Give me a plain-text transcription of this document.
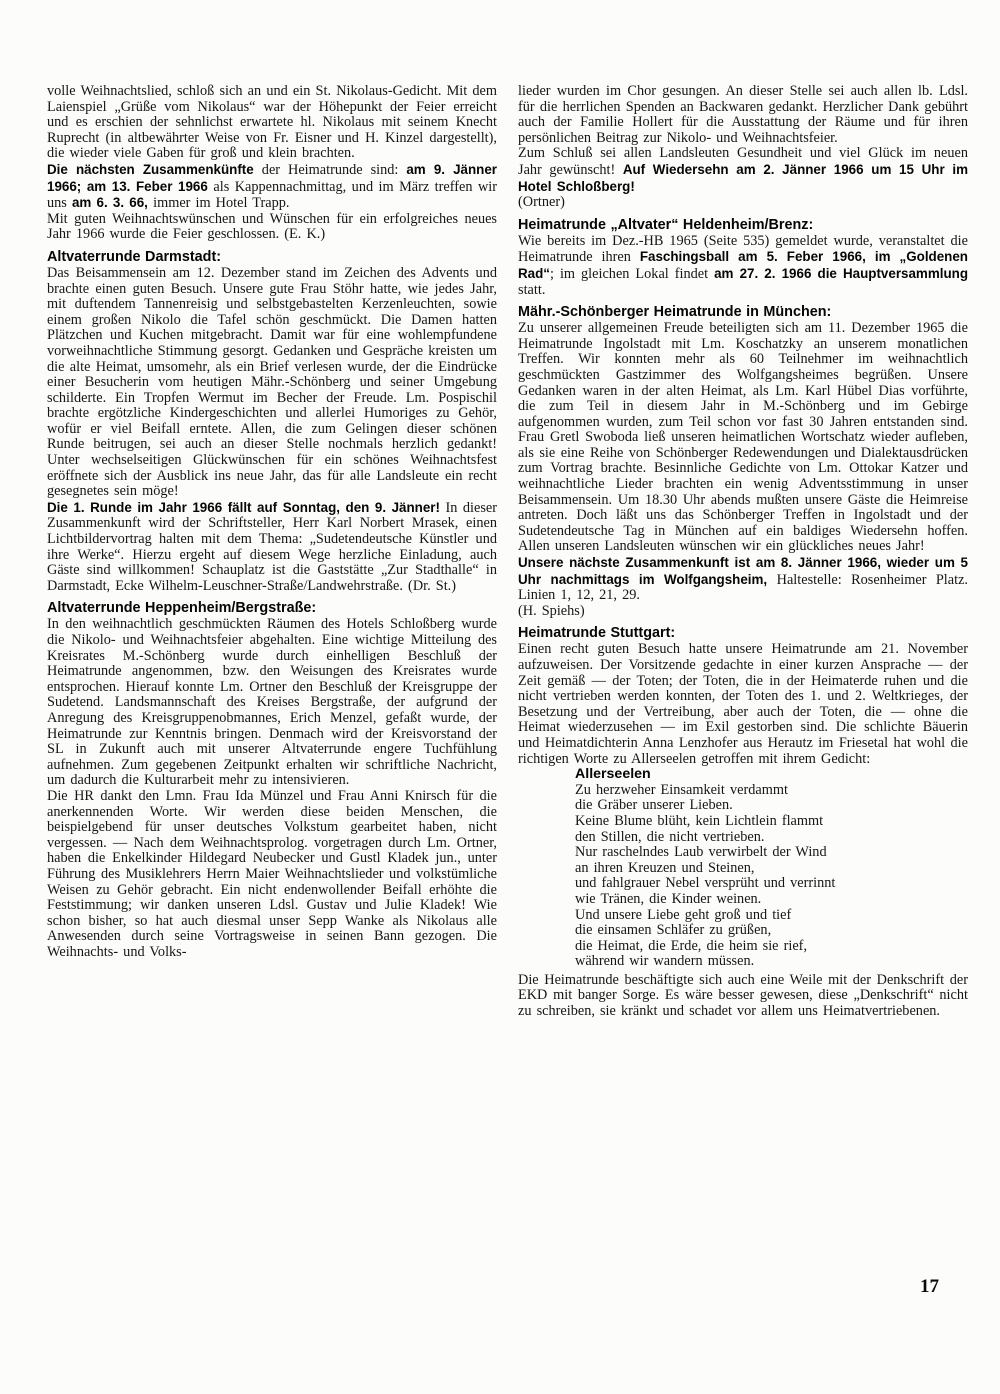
volle Weihnachtslied, schloß sich an und ein St. Nikolaus-Gedicht. Mit dem Laienspiel „Grüße vom Nikolaus“ war der Höhepunkt der Feier erreicht und es erschien der sehnlichst erwartete hl. Nikolaus mit seinem Knecht Ruprecht (in altbewährter Weise von Fr. Eisner und H. Kinzel dargestellt), die wieder viele Gaben für groß und klein brachten.

Die nächsten Zusammenkünfte der Heimatrunde sind: am 9. Jänner 1966; am 13. Feber 1966 als Kappennachmittag, und im März treffen wir uns am 6. 3. 66, immer im Hotel Trapp.

Mit guten Weihnachtswünschen und Wünschen für ein erfolgreiches neues Jahr 1966 wurde die Feier geschlossen. (E. K.)

Altvaterrunde Darmstadt:

Das Beisammensein am 12. Dezember stand im Zeichen des Advents und brachte einen guten Besuch. Unsere gute Frau Stöhr hatte, wie jedes Jahr, mit duftendem Tannenreisig und selbstgebastelten Kerzenleuchten, sowie einem großen Nikolo die Tafel schön geschmückt. Die Damen hatten Plätzchen und Kuchen mitgebracht. Damit war für eine wohlempfundene vorweihnachtliche Stimmung gesorgt. Gedanken und Gespräche kreisten um die alte Heimat, umsomehr, als ein Brief verlesen wurde, der die Eindrücke einer Besucherin vom heutigen Mähr.-Schönberg und seiner Umgebung schilderte. Ein Tropfen Wermut im Becher der Freude. Lm. Pospischil brachte ergötzliche Kindergeschichten und allerlei Humoriges zu Gehör, wofür er viel Beifall erntete. Allen, die zum Gelingen dieser schönen Runde beitrugen, sei auch an dieser Stelle nochmals herzlich gedankt! Unter wechselseitigen Glückwünschen für ein schönes Weihnachtsfest eröffnete sich der Ausblick ins neue Jahr, das für alle Landsleute ein recht gesegnetes sein möge!

Die 1. Runde im Jahr 1966 fällt auf Sonntag, den 9. Jänner! In dieser Zusammenkunft wird der Schriftsteller, Herr Karl Norbert Mrasek, einen Lichtbildervortrag halten mit dem Thema: „Sudetendeutsche Künstler und ihre Werke“. Hierzu ergeht auf diesem Wege herzliche Einladung, auch Gäste sind willkommen! Schauplatz ist die Gaststätte „Zur Stadthalle“ in Darmstadt, Ecke Wilhelm-Leuschner-Straße/Landwehrstraße. (Dr. St.)

Altvaterrunde Heppenheim/Bergstraße:

In den weihnachtlich geschmückten Räumen des Hotels Schloßberg wurde die Nikolo- und Weihnachtsfeier abgehalten. Eine wichtige Mitteilung des Kreisrates M.-Schönberg wurde durch einhelligen Beschluß der Heimatrunde angenommen, bzw. den Weisungen des Kreisrates wurde entsprochen. Hierauf konnte Lm. Ortner den Beschluß der Kreisgruppe der Sudetend. Landsmannschaft des Kreises Bergstraße, der aufgrund der Anregung des Kreisgruppenobmannes, Erich Menzel, gefaßt wurde, der Heimatrunde zur Kenntnis bringen. Denmach wird der Kreisvorstand der SL in Zukunft auch mit unserer Altvaterrunde engere Tuchfühlung aufnehmen. Zum gegebenen Zeitpunkt erhalten wir schriftliche Nachricht, um dadurch die Kulturarbeit mehr zu intensivieren.

Die HR dankt den Lmn. Frau Ida Münzel und Frau Anni Knirsch für die anerkennenden Worte. Wir werden diese beiden Menschen, die beispielgebend für unser deutsches Volkstum gearbeitet haben, nicht vergessen. — Nach dem Weihnachtsprolog. vorgetragen durch Lm. Ortner, haben die Enkelkinder Hildegard Neubecker und Gustl Kladek jun., unter Führung des Musiklehrers Herrn Maier Weihnachtslieder und volkstümliche Weisen zu Gehör gebracht. Ein nicht endenwollender Beifall erhöhte die Feststimmung; wir danken unseren Ldsl. Gustav und Julie Kladek! Wie schon bisher, so hat auch diesmal unser Sepp Wanke als Nikolaus alle Anwesenden durch seine Vortragsweise in seinen Bann gezogen. Die Weihnachts- und Volks-

lieder wurden im Chor gesungen. An dieser Stelle sei auch allen lb. Ldsl. für die herrlichen Spenden an Backwaren gedankt. Herzlicher Dank gebührt auch der Familie Hollert für die Ausstattung der Räume und für ihren persönlichen Beitrag zur Nikolo- und Weihnachtsfeier.

Zum Schluß sei allen Landsleuten Gesundheit und viel Glück im neuen Jahr gewünscht! Auf Wiedersehn am 2. Jänner 1966 um 15 Uhr im Hotel Schloßberg!

(Ortner)

Heimatrunde „Altvater“ Heldenheim/Brenz:

Wie bereits im Dez.-HB 1965 (Seite 535) gemeldet wurde, veranstaltet die Heimatrunde ihren Faschingsball am 5. Feber 1966, im „Goldenen Rad“; im gleichen Lokal findet am 27. 2. 1966 die Hauptversammlung statt.

Mähr.-Schönberger Heimatrunde in München:

Zu unserer allgemeinen Freude beteiligten sich am 11. Dezember 1965 die Heimatrunde Ingolstadt mit Lm. Koschatzky an unserem monatlichen Treffen. Wir konnten mehr als 60 Teilnehmer im weihnachtlich geschmückten Gastzimmer des Wolfgangsheimes begrüßen. Unsere Gedanken waren in der alten Heimat, als Lm. Karl Hübel Dias vorführte, die zum Teil in diesem Jahr in M.-Schönberg und im Gebirge aufgenommen wurden, zum Teil schon vor fast 30 Jahren entstanden sind. Frau Gretl Swoboda ließ unseren heimatlichen Wortschatz wieder aufleben, als sie eine Reihe von Schönberger Redewendungen und Dialektausdrücken zum Vortrag brachte. Besinnliche Gedichte von Lm. Ottokar Katzer und weihnachtliche Lieder brachten ein wenig Adventsstimmung in unser Beisammensein. Um 18.30 Uhr abends mußten unsere Gäste die Heimreise antreten. Doch läßt uns das Schönberger Treffen in Ingolstadt und der Sudetendeutsche Tag in München auf ein baldiges Wiedersehn hoffen. Allen unseren Landsleuten wünschen wir ein glückliches neues Jahr!

Unsere nächste Zusammenkunft ist am 8. Jänner 1966, wieder um 5 Uhr nachmittags im Wolfgangsheim, Haltestelle: Rosenheimer Platz. Linien 1, 12, 21, 29.

(H. Spiehs)

Heimatrunde Stuttgart:

Einen recht guten Besuch hatte unsere Heimatrunde am 21. November aufzuweisen. Der Vorsitzende gedachte in einer kurzen Ansprache — der Zeit gemäß — der Toten; der Toten, die in der Heimaterde ruhen und die nicht vertrieben werden konnten, der Toten des 1. und 2. Weltkrieges, der Besetzung und der Vertreibung, aber auch der Toten, die — ohne die Heimat wiederzusehen — im Exil gestorben sind. Die schlichte Bäuerin und Heimatdichterin Anna Lenzhofer aus Herautz im Friesetal hat wohl die richtigen Worte zu Allerseelen getroffen mit ihrem Gedicht:

Allerseelen

Zu herzweher Einsamkeit verdammt
die Gräber unserer Lieben.
Keine Blume blüht, kein Lichtlein flammt
den Stillen, die nicht vertrieben.
Nur raschelndes Laub verwirbelt der Wind
an ihren Kreuzen und Steinen,
und fahlgrauer Nebel versprüht und verrinnt
wie Tränen, die Kinder weinen.
Und unsere Liebe geht groß und tief
die einsamen Schläfer zu grüßen,
die Heimat, die Erde, die heim sie rief,
während wir wandern müssen.

Die Heimatrunde beschäftigte sich auch eine Weile mit der Denkschrift der EKD mit banger Sorge. Es wäre besser gewesen, diese „Denkschrift“ nicht zu schreiben, sie kränkt und schadet vor allem uns Heimatvertriebenen.

17
